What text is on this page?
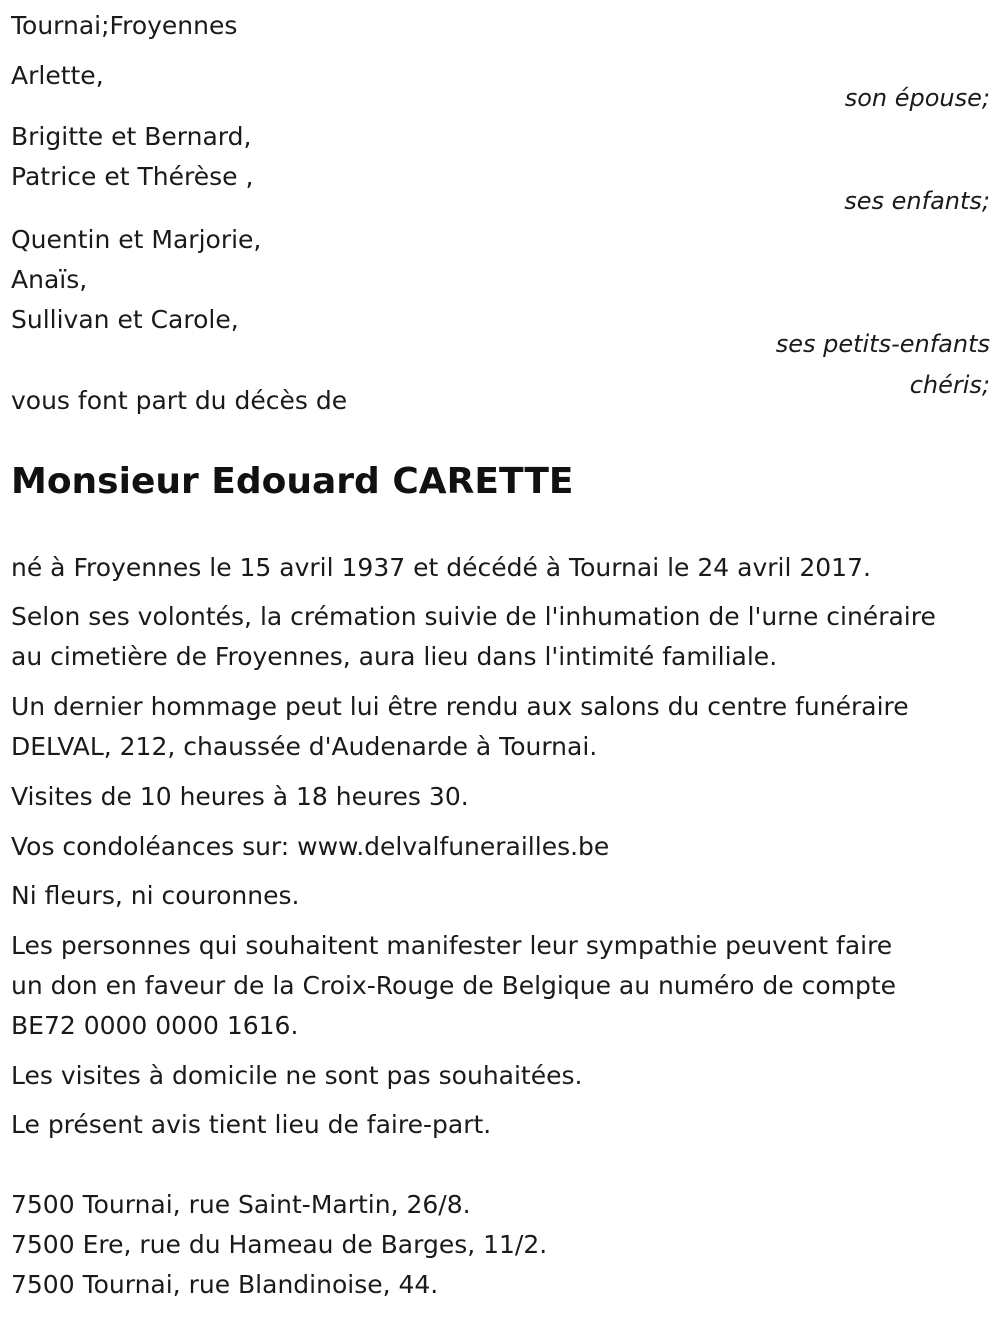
Tournai;Froyennes
Arlette,
son épouse;
Brigitte et Bernard,
Patrice et Thérèse ,
ses enfants;
Quentin et Marjorie,
Anaïs,
Sullivan et Carole,
ses petits-enfants
chéris;
vous font part du décès de
Monsieur Edouard CARETTE
né à Froyennes le 15 avril 1937 et décédé à Tournai le 24 avril 2017.
Selon ses volontés, la crémation suivie de l'inhumation de l'urne cinéraire
au cimetière de Froyennes, aura lieu dans l'intimité familiale.
Un dernier hommage peut lui être rendu aux salons du centre funéraire
DELVAL, 212, chaussée d'Audenarde à Tournai.
Visites de 10 heures à 18 heures 30.
Vos condoléances sur: www.delvalfunerailles.be
Ni fleurs, ni couronnes.
Les personnes qui souhaitent manifester leur sympathie peuvent faire
un don en faveur de la Croix-Rouge de Belgique au numéro de compte
BE72 0000 0000 1616.
Les visites à domicile ne sont pas souhaitées.
Le présent avis tient lieu de faire-part.
7500 Tournai, rue Saint-Martin, 26/8.
7500 Ere, rue du Hameau de Barges, 11/2.
7500 Tournai, rue Blandinoise, 44.
